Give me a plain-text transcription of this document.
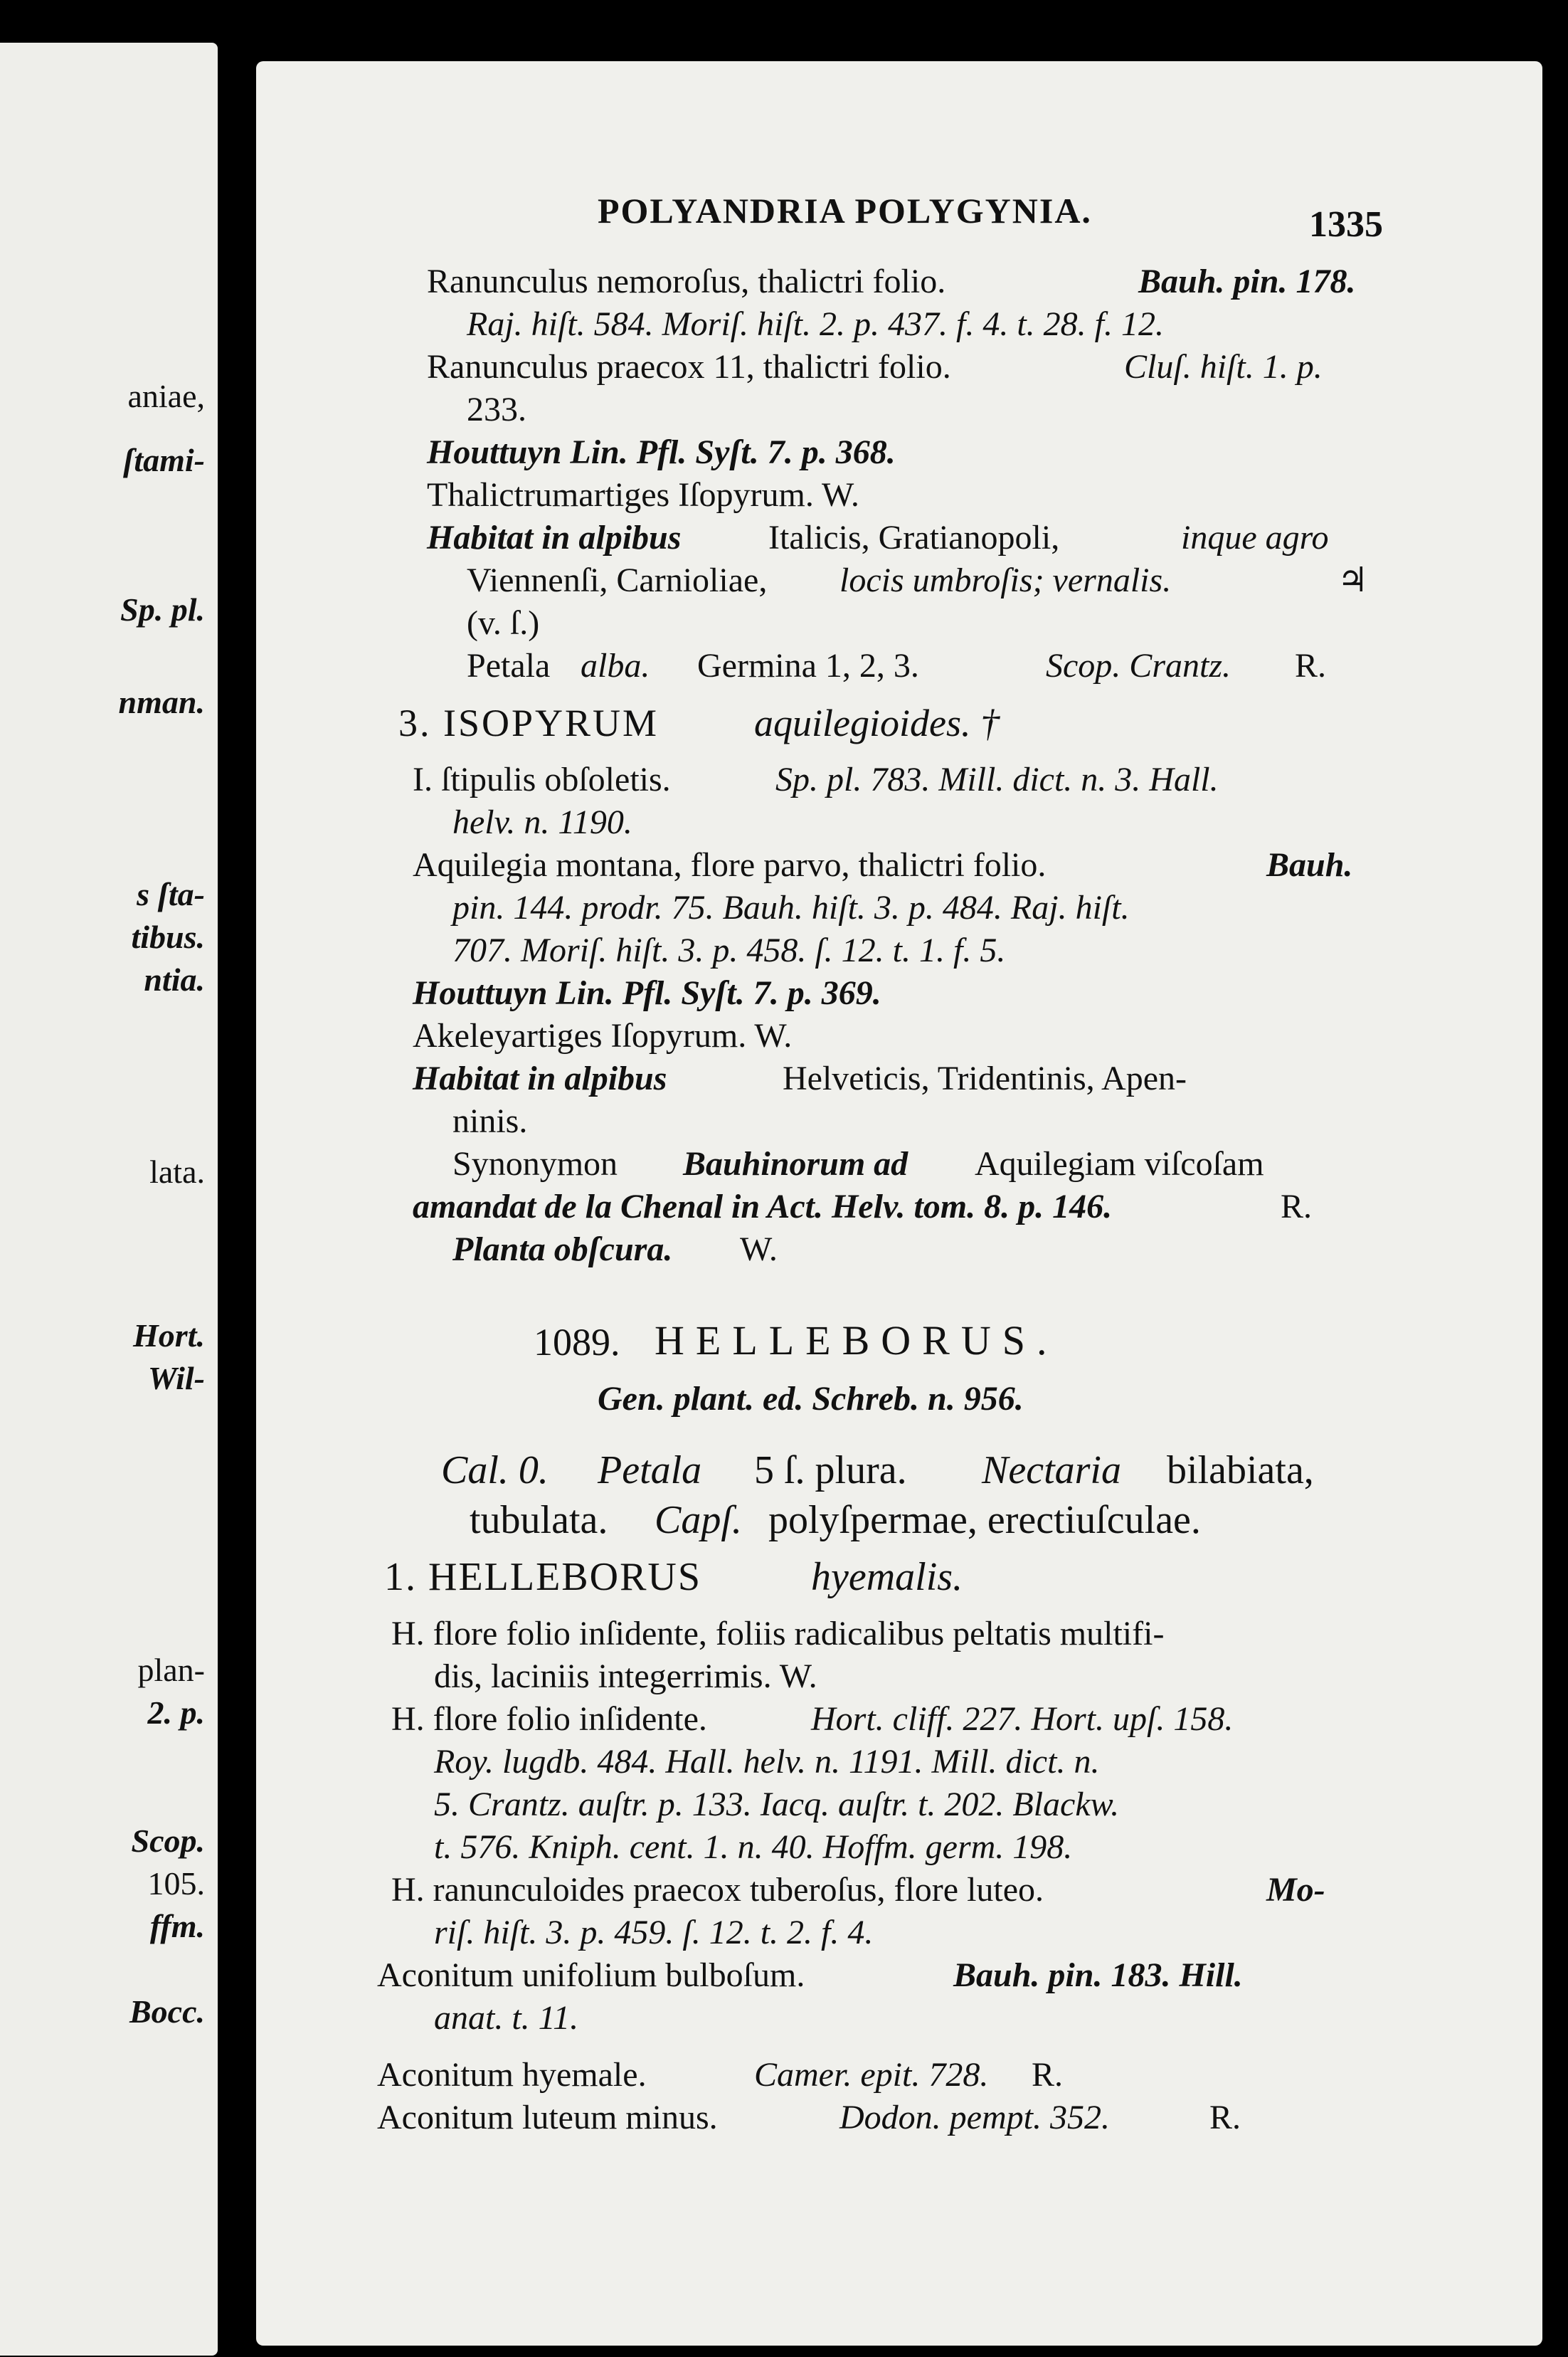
aniae,
ſtami-
Sp. pl.
nman.
s ſta-
tibus.
ntia.
lata.
Hort.
Wil-
plan-
2. p.
Scop.
105.
ffm.
Bocc.
POLYANDRIA POLYGYNIA.	1335
Ranunculus nemoroſus, thalictri folio.	Bauh. pin. 178.
Raj. hiſt. 584. Moriſ. hiſt. 2. p. 437. f. 4. t. 28. f. 12.
Ranunculus praecox 11, thalictri folio.	Cluſ. hiſt. 1. p.
233.
Houttuyn Lin. Pfl. Syſt. 7. p. 368.
Thalictrumartiges Iſopyrum. W.
Habitat in alpibus	Italicis, Gratianopoli,	inque agro
Viennenſi, Carnioliae, locis umbroſis; vernalis.	♃
(v. ſ.)
Petala alba. Germina 1, 2, 3.	Scop. Crantz. R.
3. ISOPYRUM aquilegioides. †
I. ſtipulis obſoletis.	Sp. pl. 783. Mill. dict. n. 3. Hall.
helv. n. 1190.
Aquilegia montana, flore parvo, thalictri folio.	Bauh.
pin. 144. prodr. 75. Bauh. hiſt. 3. p. 484. Raj. hiſt.
707. Moriſ. hiſt. 3. p. 458. ſ. 12. t. 1. f. 5.
Houttuyn Lin. Pfl. Syſt. 7. p. 369.
Akeleyartiges Iſopyrum. W.
Habitat in alpibus	Helveticis, Tridentinis, Apen-
ninis.
Synonymon Bauhinorum ad Aquilegiam viſcoſam
amandat de la Chenal in Act. Helv. tom. 8. p. 146.	R.
Planta obſcura. W.
1089. HELLEBORUS.
Gen. plant. ed. Schreb. n. 956.
Cal. 0. Petala 5 ſ. plura. Nectaria bilabiata,
tubulata. Capſ. polyſpermae, erectiuſculae.
1. HELLEBORUS	hyemalis.
H. flore folio inſidente, foliis radicalibus peltatis multifi-
dis, laciniis integerrimis. W.
H. flore folio inſidente.	Hort. cliff. 227. Hort. upſ. 158.
Roy. lugdb. 484. Hall. helv. n. 1191. Mill. dict. n.
5. Crantz. auſtr. p. 133. Iacq. auſtr. t. 202. Blackw.
t. 576. Kniph. cent. 1. n. 40. Hoffm. germ. 198.
H. ranunculoides praecox tuberoſus, flore luteo.	Mo-
riſ. hiſt. 3. p. 459. ſ. 12. t. 2. f. 4.
Aconitum unifolium bulboſum.	Bauh. pin. 183. Hill.
anat. t. 11.
Aconitum hyemale.	Camer. epit. 728. R.
Aconitum luteum minus.	Dodon. pempt. 352.	R.
